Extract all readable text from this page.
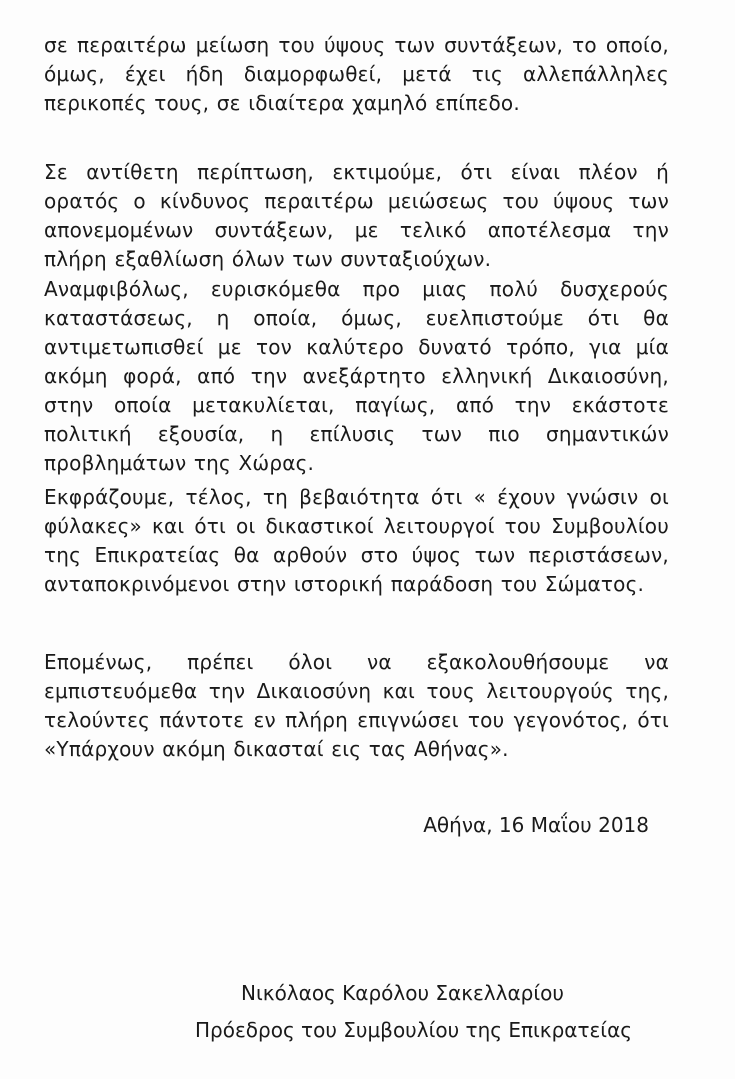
σε περαιτέρω μείωση του ύψους των συντάξεων, το οποίο, όμως, έχει ήδη διαμορφωθεί, μετά τις αλλεπάλληλες περικοπές τους, σε ιδιαίτερα χαμηλό επίπεδο.

Σε αντίθετη περίπτωση, εκτιμούμε, ότι είναι πλέον ή ορατός ο κίνδυνος περαιτέρω μειώσεως του ύψους των απονεμομένων συντάξεων, με τελικό αποτέλεσμα την πλήρη εξαθλίωση όλων των συνταξιούχων.

Αναμφιβόλως, ευρισκόμεθα προ μιας πολύ δυσχερούς καταστάσεως, η οποία, όμως, ευελπιστούμε ότι θα αντιμετωπισθεί με τον καλύτερο δυνατό τρόπο, για μία ακόμη φορά, από την ανεξάρτητο ελληνική Δικαιοσύνη, στην οποία μετακυλίεται, παγίως, από την εκάστοτε πολιτική εξουσία, η επίλυσις των πιο σημαντικών προβλημάτων της Χώρας.

Εκφράζουμε, τέλος, τη βεβαιότητα ότι « έχουν γνώσιν οι φύλακες» και ότι οι δικαστικοί λειτουργοί του Συμβουλίου της Επικρατείας θα αρθούν στο ύψος των περιστάσεων, ανταποκρινόμενοι στην ιστορική παράδοση του Σώματος.

Επομένως, πρέπει όλοι να εξακολουθήσουμε να εμπιστευόμεθα την Δικαιοσύνη και τους λειτουργούς της, τελούντες πάντοτε εν πλήρη επιγνώσει του γεγονότος, ότι «Υπάρχουν ακόμη δικασταί εις τας Αθήνας».

Αθήνα, 16 Μαΐου 2018
Νικόλαος Καρόλου Σακελλαρίου
Πρόεδρος του Συμβουλίου της Επικρατείας
